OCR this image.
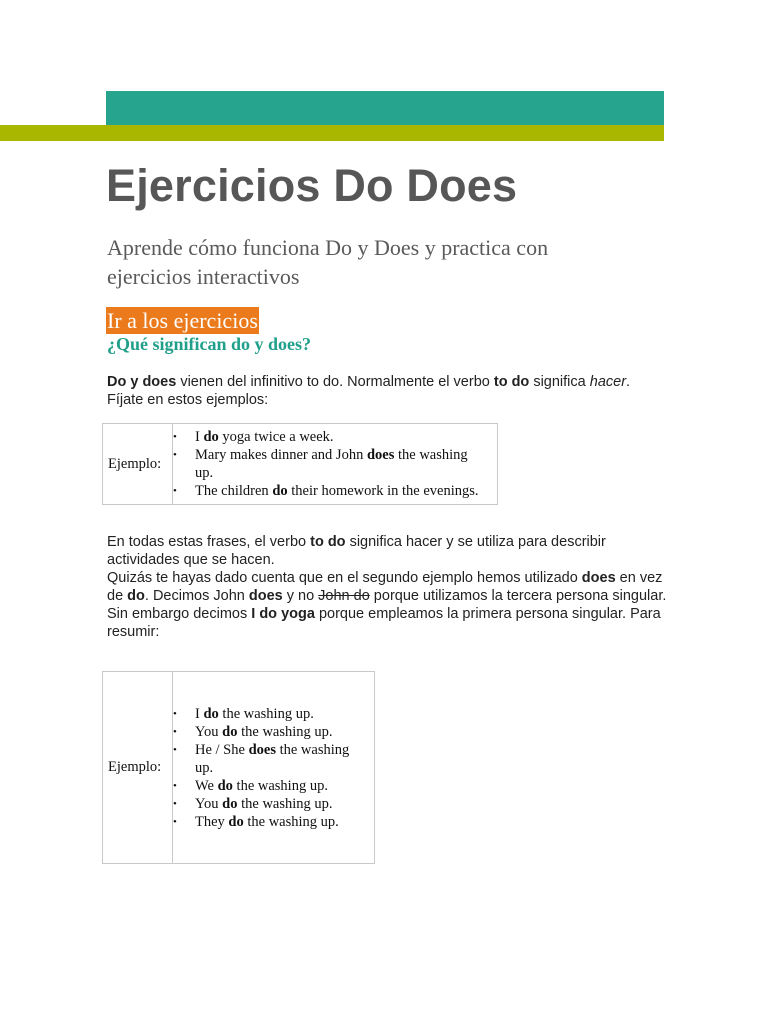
Ejercicios Do Does

Aprende cómo funciona Do y Does y practica con ejercicios interactivos

Ir a los ejercicios
¿Qué significan do y does?

Do y does vienen del infinitivo to do. Normalmente el verbo to do significa hacer. Fíjate en estos ejemplos:

Ejemplo:	
• I do yoga twice a week.
• Mary makes dinner and John does the washing up.
• The children do their homework in the evenings.

En todas estas frases, el verbo to do significa hacer y se utiliza para describir actividades que se hacen.

Quizás te hayas dado cuenta que en el segundo ejemplo hemos utilizado does en vez de do. Decimos John does y no John do porque utilizamos la tercera persona singular. Sin embargo decimos I do yoga porque empleamos la primera persona singular. Para resumir:

Ejemplo:	
• I do the washing up.
• You do the washing up.
• He / She does the washing up.
• We do the washing up.
• You do the washing up.
• They do the washing up.
